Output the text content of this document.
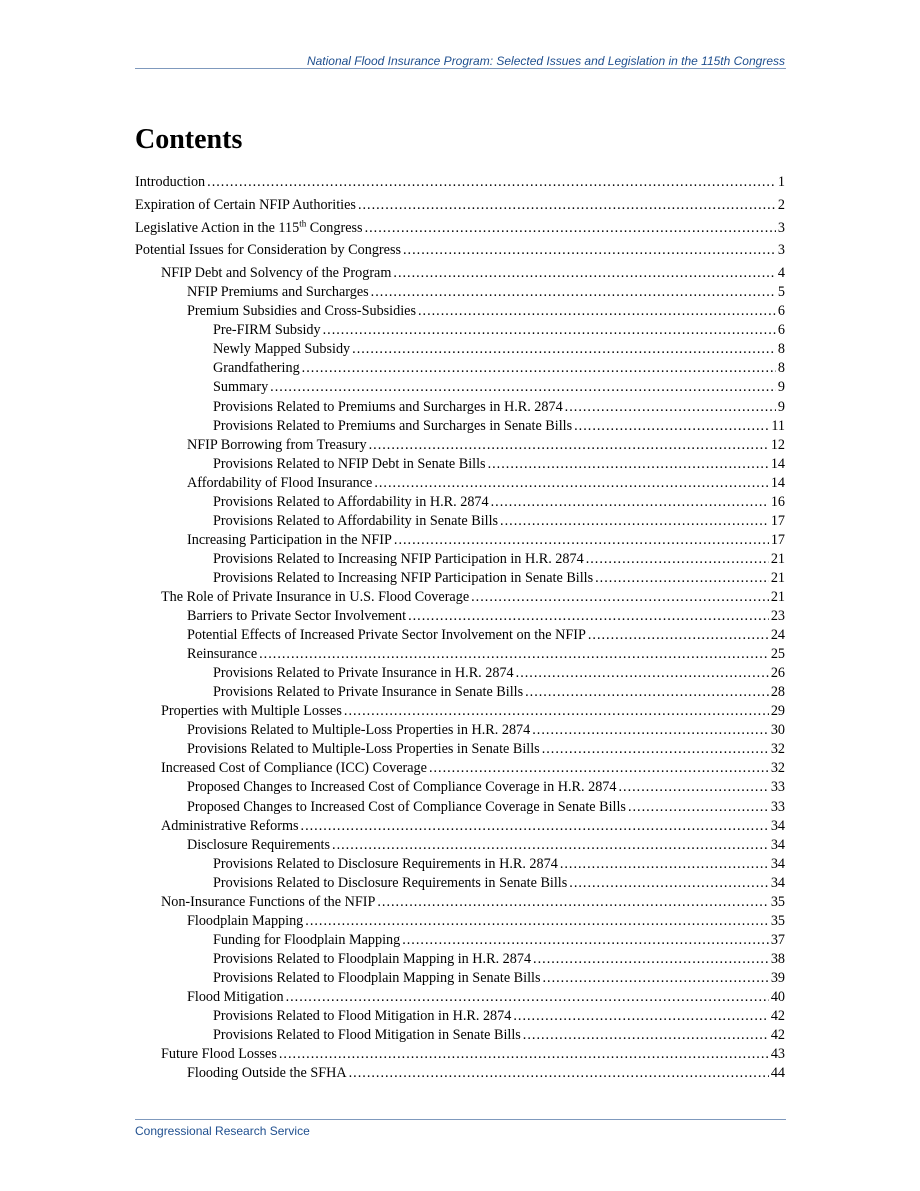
National Flood Insurance Program: Selected Issues and Legislation in the 115th Congress
Contents
Introduction .....	1
Expiration of Certain NFIP Authorities .....	2
Legislative Action in the 115th Congress .....	3
Potential Issues for Consideration by Congress .....	3
NFIP Debt and Solvency of the Program .....	4
NFIP Premiums and Surcharges .....	5
Premium Subsidies and Cross-Subsidies .....	6
Pre-FIRM Subsidy .....	6
Newly Mapped Subsidy .....	8
Grandfathering .....	8
Summary .....	9
Provisions Related to Premiums and Surcharges in H.R. 2874 .....	9
Provisions Related to Premiums and Surcharges in Senate Bills .....	11
NFIP Borrowing from Treasury .....	12
Provisions Related to NFIP Debt in Senate Bills .....	14
Affordability of Flood Insurance .....	14
Provisions Related to Affordability in H.R. 2874 .....	16
Provisions Related to Affordability in Senate Bills .....	17
Increasing Participation in the NFIP .....	17
Provisions Related to Increasing NFIP Participation in H.R. 2874 .....	21
Provisions Related to Increasing NFIP Participation in Senate Bills .....	21
The Role of Private Insurance in U.S. Flood Coverage .....	21
Barriers to Private Sector Involvement .....	23
Potential Effects of Increased Private Sector Involvement on the NFIP .....	24
Reinsurance .....	25
Provisions Related to Private Insurance in H.R. 2874 .....	26
Provisions Related to Private Insurance in Senate Bills .....	28
Properties with Multiple Losses .....	29
Provisions Related to Multiple-Loss Properties in H.R. 2874 .....	30
Provisions Related to Multiple-Loss Properties in Senate Bills .....	32
Increased Cost of Compliance (ICC) Coverage .....	32
Proposed Changes to Increased Cost of Compliance Coverage in H.R. 2874 .....	33
Proposed Changes to Increased Cost of Compliance Coverage in Senate Bills .....	33
Administrative Reforms .....	34
Disclosure Requirements .....	34
Provisions Related to Disclosure Requirements in H.R. 2874 .....	34
Provisions Related to Disclosure Requirements in Senate Bills .....	34
Non-Insurance Functions of the NFIP .....	35
Floodplain Mapping .....	35
Funding for Floodplain Mapping .....	37
Provisions Related to Floodplain Mapping in H.R. 2874 .....	38
Provisions Related to Floodplain Mapping in Senate Bills .....	39
Flood Mitigation .....	40
Provisions Related to Flood Mitigation in H.R. 2874 .....	42
Provisions Related to Flood Mitigation in Senate Bills .....	42
Future Flood Losses .....	43
Flooding Outside the SFHA .....	44
Congressional Research Service
